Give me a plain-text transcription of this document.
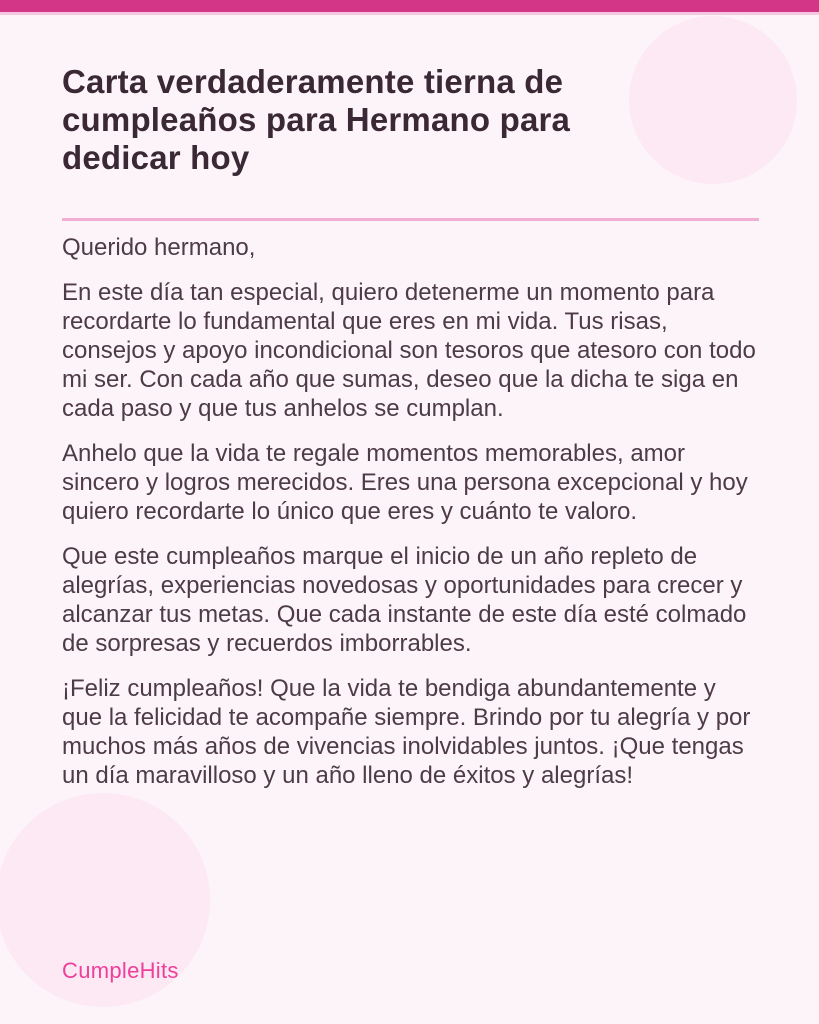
Carta verdaderamente tierna de cumpleaños para Hermano para dedicar hoy

Querido hermano,

En este día tan especial, quiero detenerme un momento para recordarte lo fundamental que eres en mi vida. Tus risas, consejos y apoyo incondicional son tesoros que atesoro con todo mi ser. Con cada año que sumas, deseo que la dicha te siga en cada paso y que tus anhelos se cumplan.

Anhelo que la vida te regale momentos memorables, amor sincero y logros merecidos. Eres una persona excepcional y hoy quiero recordarte lo único que eres y cuánto te valoro.

Que este cumpleaños marque el inicio de un año repleto de alegrías, experiencias novedosas y oportunidades para crecer y alcanzar tus metas. Que cada instante de este día esté colmado de sorpresas y recuerdos imborrables.

¡Feliz cumpleaños! Que la vida te bendiga abundantemente y que la felicidad te acompañe siempre. Brindo por tu alegría y por muchos más años de vivencias inolvidables juntos. ¡Que tengas un día maravilloso y un año lleno de éxitos y alegrías!

CumpleHits
